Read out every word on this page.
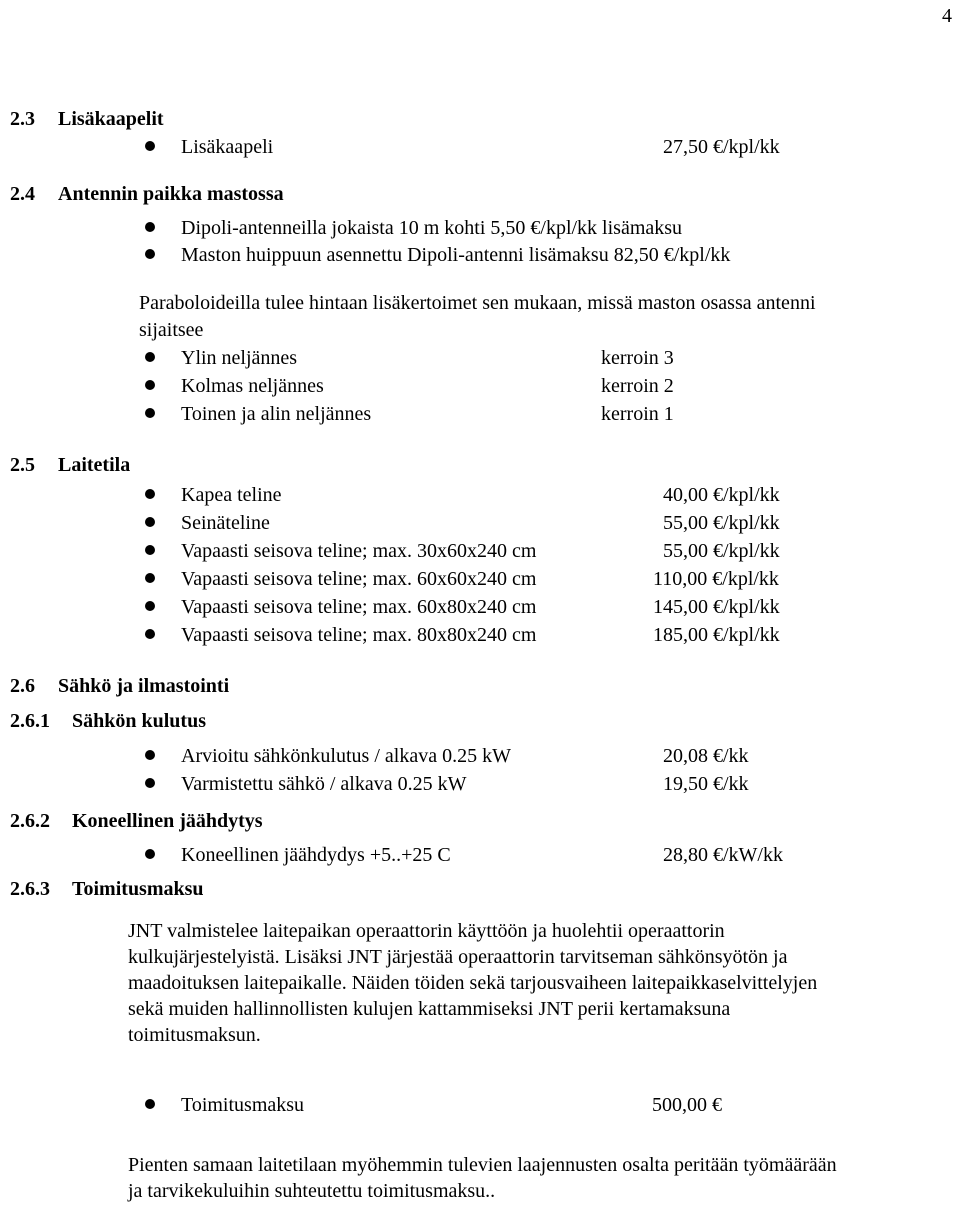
4
2.3 Lisäkaapelit
Lisäkaapeli	27,50 €/kpl/kk
2.4 Antennin paikka mastossa
Dipoli-antenneilla jokaista 10 m kohti 5,50 €/kpl/kk lisämaksu
Maston huippuun asennettu Dipoli-antenni lisämaksu 82,50 €/kpl/kk
Paraboloideilla tulee hintaan lisäkertoimet sen mukaan, missä maston osassa antenni
sijaitsee
Ylin neljännes	kerroin 3
Kolmas neljännes	kerroin 2
Toinen ja alin neljännes	kerroin 1
2.5 Laitetila
Kapea teline	40,00 €/kpl/kk
Seinäteline	55,00 €/kpl/kk
Vapaasti seisova teline; max. 30x60x240 cm	55,00 €/kpl/kk
Vapaasti seisova teline; max. 60x60x240 cm	110,00 €/kpl/kk
Vapaasti seisova teline; max. 60x80x240 cm	145,00 €/kpl/kk
Vapaasti seisova teline; max. 80x80x240 cm	185,00 €/kpl/kk
2.6 Sähkö ja ilmastointi
2.6.1 Sähkön kulutus
Arvioitu sähkönkulutus / alkava 0.25 kW	20,08 €/kk
Varmistettu sähkö / alkava 0.25 kW	19,50 €/kk
2.6.2 Koneellinen jäähdytys
Koneellinen jäähdydys +5..+25 C	28,80 €/kW/kk
2.6.3 Toimitusmaksu
JNT valmistelee laitepaikan operaattorin käyttöön ja huolehtii operaattorin
kulkujärjestelyistä. Lisäksi JNT järjestää operaattorin tarvitseman sähkönsyötön ja
maadoituksen laitepaikalle. Näiden töiden sekä tarjousvaiheen laitepaikkaselvittelyjen
sekä muiden hallinnollisten kulujen kattammiseksi JNT perii kertamaksuna
toimitusmaksun.
Toimitusmaksu	500,00 €
Pienten samaan laitetilaan myöhemmin tulevien laajennusten osalta peritään työmäärään
ja tarvikekuluihin suhteutettu toimitusmaksu..
